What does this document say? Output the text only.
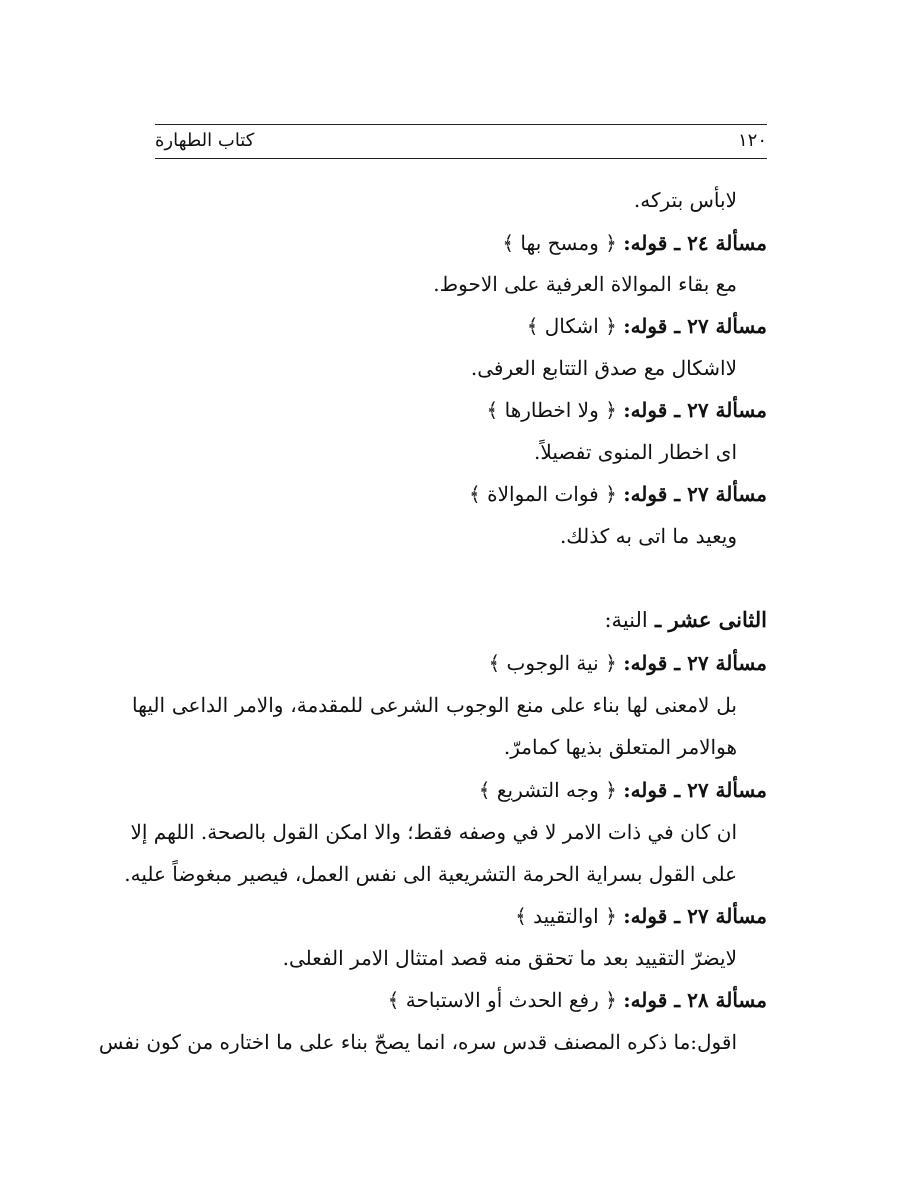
كتاب الطهارة	١٢٠
لابأس بتركه.
مسألة ٢٤ ـ قوله: ﴿ ومسح بها ﴾
مع بقاء الموالاة العرفية على الاحوط.
مسألة ٢٧ ـ قوله: ﴿ اشكال ﴾
لااشكال مع صدق التتابع العرفى.
مسألة ٢٧ ـ قوله: ﴿ ولا اخطارها ﴾
اى اخطار المنوى تفصيلاً.
مسألة ٢٧ ـ قوله: ﴿ فوات الموالاة ﴾
ويعيد ما اتى به كذلك.
الثانى عشر ـ النية:
مسألة ٢٧ ـ قوله: ﴿ نية الوجوب ﴾
بل لامعنى لها بناء على منع الوجوب الشرعى للمقدمة، والامر الداعى اليها
هوالامر المتعلق بذيها كمامرّ.
مسألة ٢٧ ـ قوله: ﴿ وجه التشريع ﴾
ان كان في ذات الامر لا في وصفه فقط؛ والا امكن القول بالصحة. اللهم إلا
على القول بسراية الحرمة التشريعية الى نفس العمل، فيصير مبغوضاً عليه.
مسألة ٢٧ ـ قوله: ﴿ اوالتقييد ﴾
لايضرّ التقييد بعد ما تحقق منه قصد امتثال الامر الفعلى.
مسألة ٢٨ ـ قوله: ﴿ رفع الحدث أو الاستباحة ﴾
اقول:ما ذكره المصنف قدس سره، انما يصحّ بناء على ما اختاره من كون نفس
